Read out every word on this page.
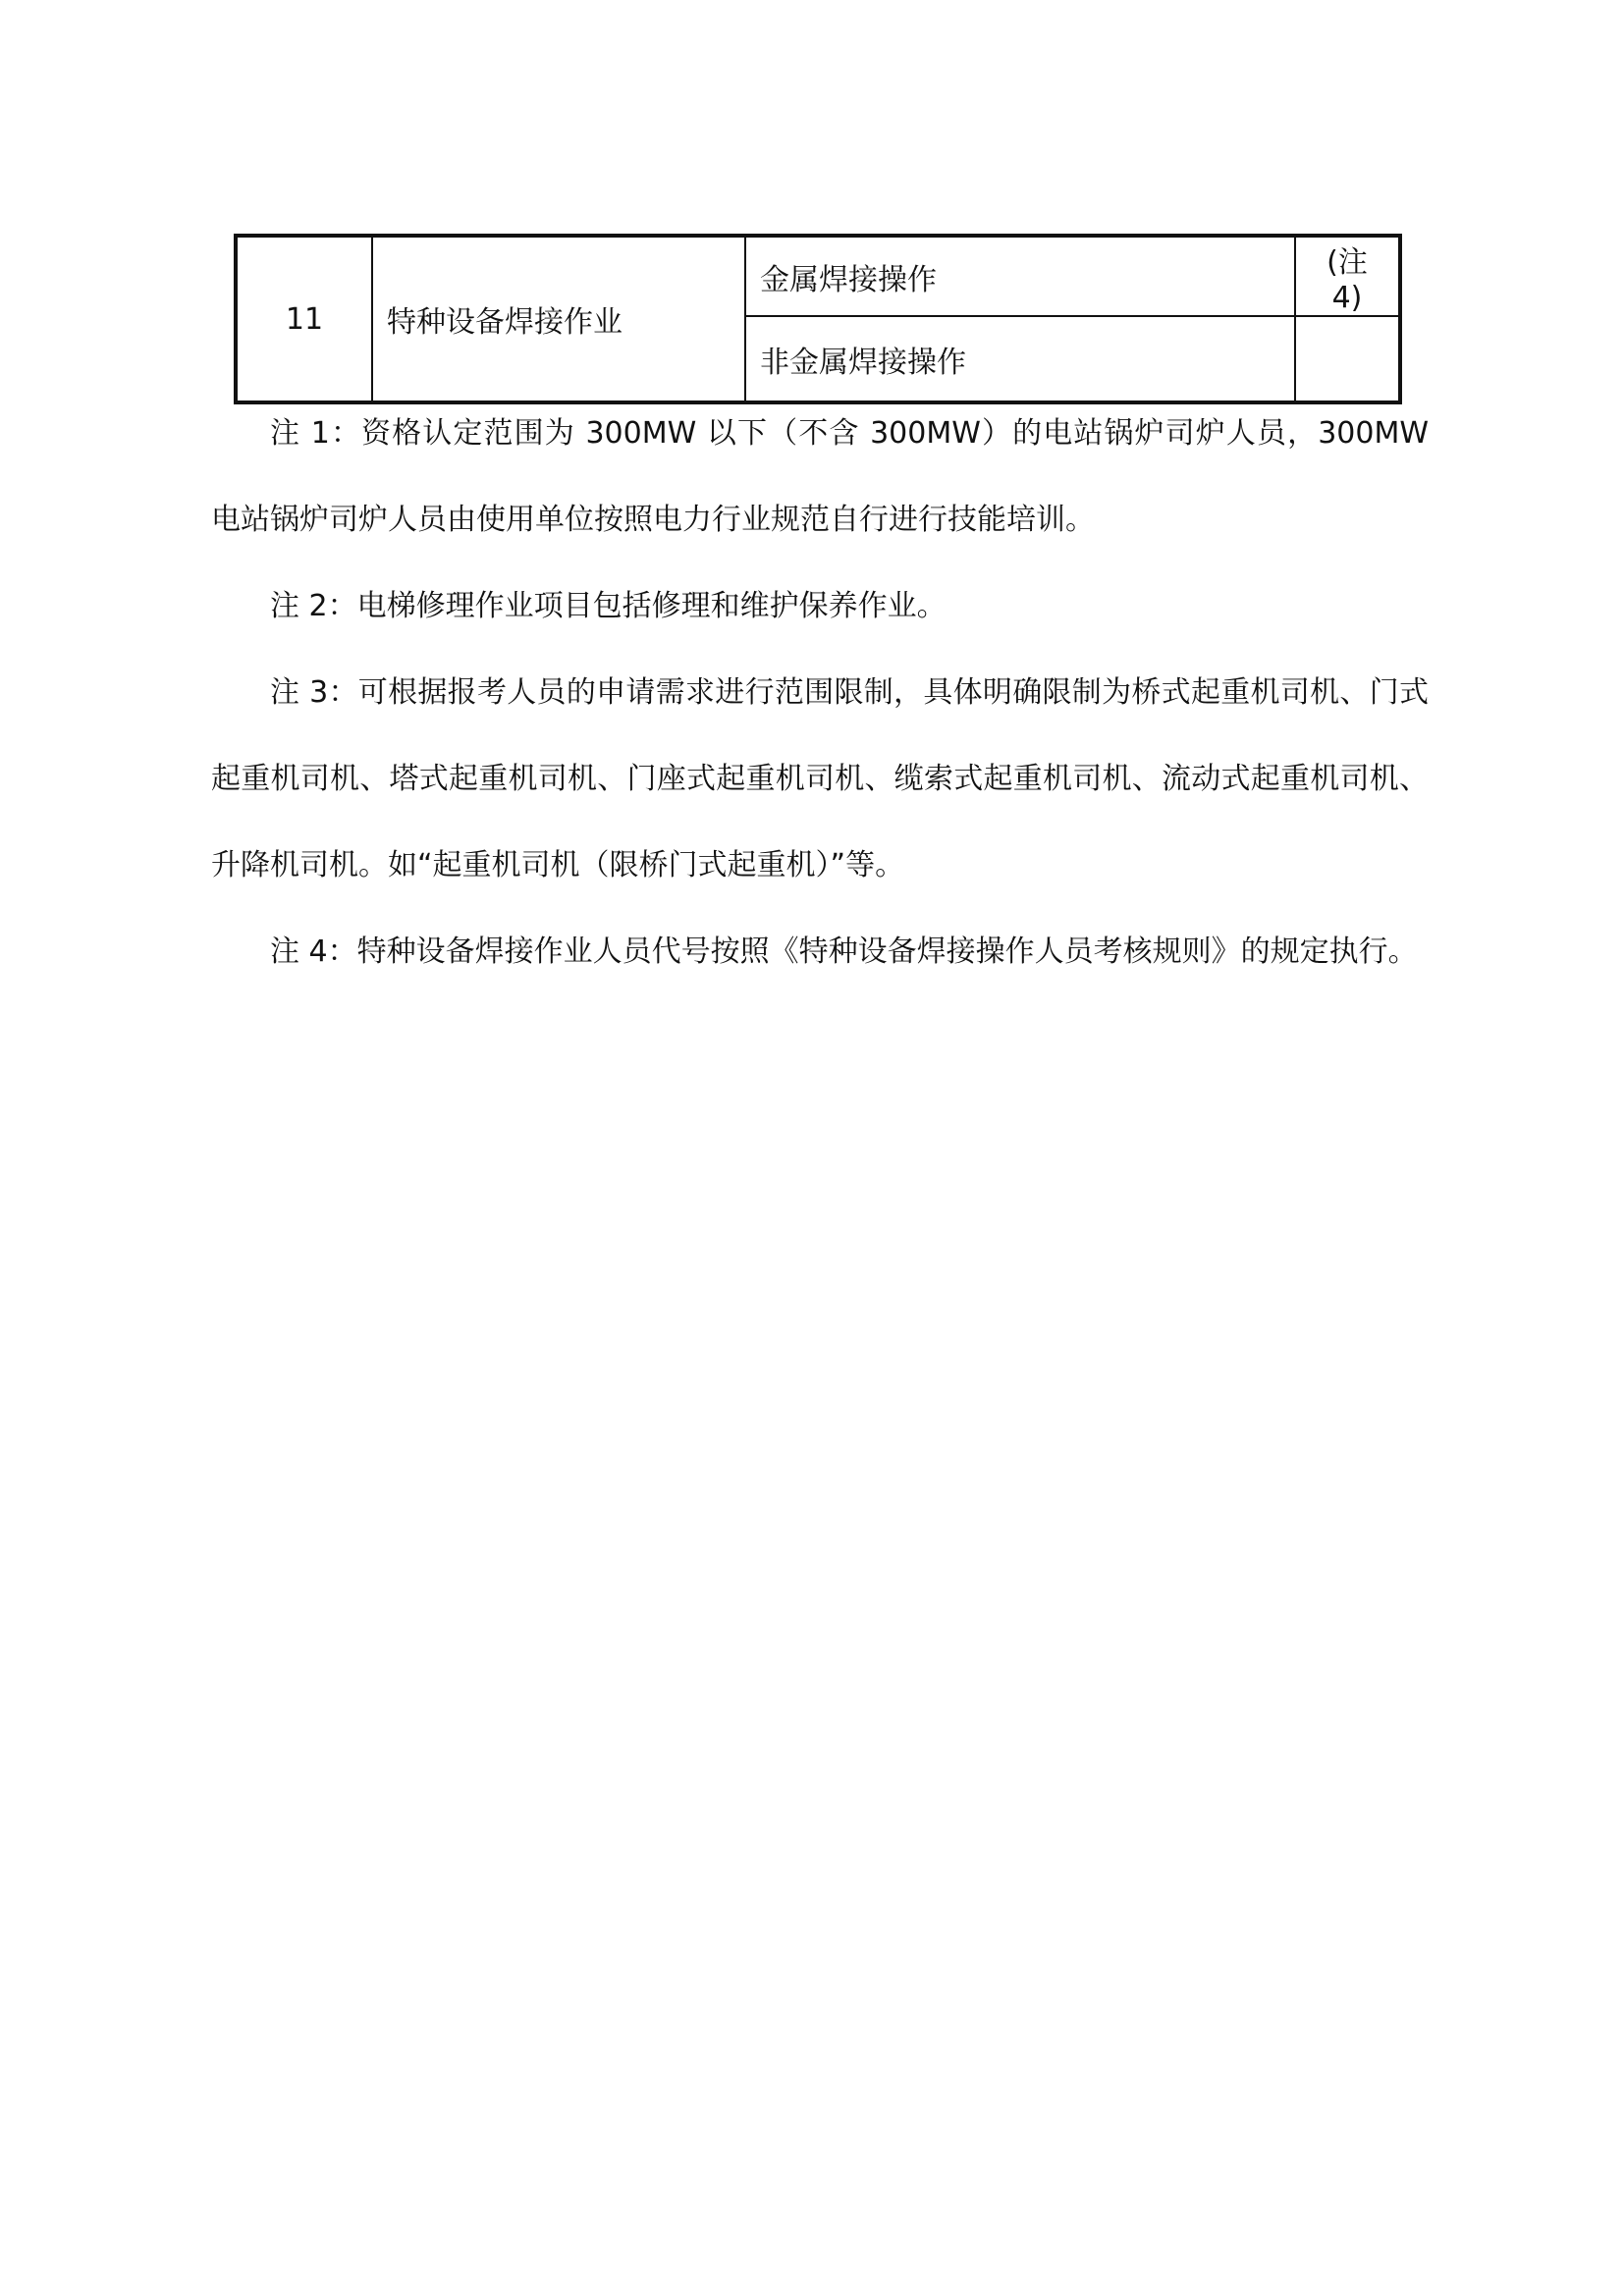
11	特种设备焊接作业	金属焊接操作	(注 4)
		非金属焊接操作	

注 1：资格认定范围为 300MW 以下（不含 300MW）的电站锅炉司炉人员，300MW 电站锅炉司炉人员由使用单位按照电力行业规范自行进行技能培训。

注 2：电梯修理作业项目包括修理和维护保养作业。

注 3：可根据报考人员的申请需求进行范围限制，具体明确限制为桥式起重机司机、门式起重机司机、塔式起重机司机、门座式起重机司机、缆索式起重机司机、流动式起重机司机、升降机司机。如“起重机司机（限桥门式起重机）”等。

注 4：特种设备焊接作业人员代号按照《特种设备焊接操作人员考核规则》的规定执行。
